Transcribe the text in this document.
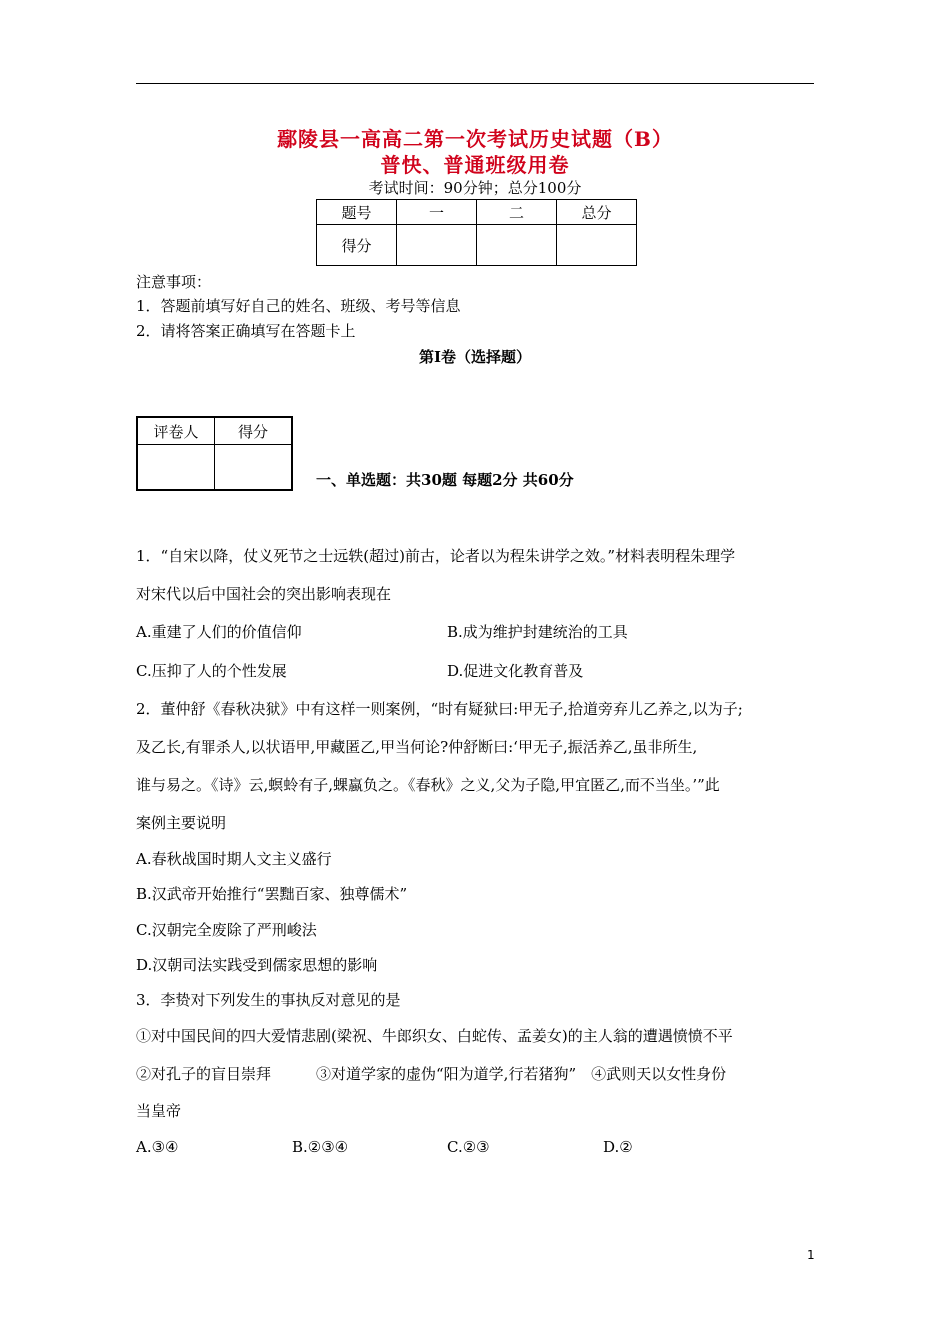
鄢陵县一高高二第一次考试历史试题（B）
普快、普通班级用卷
考试时间：90分钟；总分100分
题号	一	二	总分
得分			
注意事项：
1．答题前填写好自己的姓名、班级、考号等信息
2．请将答案正确填写在答题卡上
第I卷（选择题）
评卷人	得分

一、单选题：共30题 每题2分 共60分
1．“自宋以降，仗义死节之士远轶(超过)前古，论者以为程朱讲学之效。”材料表明程朱理学
对宋代以后中国社会的突出影响表现在
A.重建了人们的价值信仰	B.成为维护封建统治的工具
C.压抑了人的个性发展	D.促进文化教育普及
2．董仲舒《春秋决狱》中有这样一则案例，“时有疑狱曰:甲无子,拾道旁弃儿乙养之,以为子;
及乙长,有罪杀人,以状语甲,甲藏匿乙,甲当何论?仲舒断曰:‘甲无子,振活养乙,虽非所生,
谁与易之。《诗》云,螟蛉有子,蜾蠃负之。《春秋》之义,父为子隐,甲宜匿乙,而不当坐。’”此
案例主要说明
A.春秋战国时期人文主义盛行
B.汉武帝开始推行“罢黜百家、独尊儒术”
C.汉朝完全废除了严刑峻法
D.汉朝司法实践受到儒家思想的影响
3．李贽对下列发生的事执反对意见的是
①对中国民间的四大爱情悲剧(梁祝、牛郎织女、白蛇传、孟姜女)的主人翁的遭遇愤愤不平
②对孔子的盲目崇拜　　　③对道学家的虚伪“阳为道学,行若猪狗”　④武则天以女性身份
当皇帝
A.③④	B.②③④	C.②③	D.②
1
